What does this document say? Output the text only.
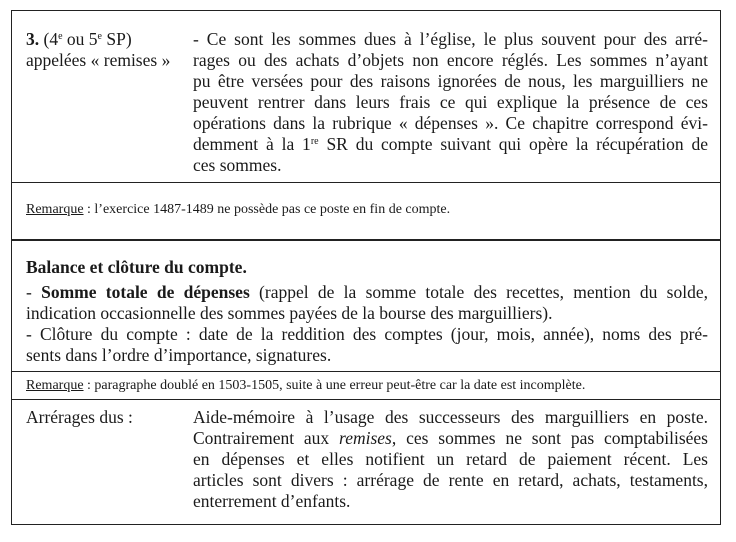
3. (4e ou 5e SP)
appelées « remises »
- Ce sont les sommes dues à l’église, le plus souvent pour des arré-
rages ou des achats d’objets non encore réglés. Les sommes n’ayant
pu être versées pour des raisons ignorées de nous, les marguilliers ne
peuvent rentrer dans leurs frais ce qui explique la présence de ces
opérations dans la rubrique « dépenses ». Ce chapitre correspond évi-
demment à la 1re SR du compte suivant qui opère la récupération de
ces sommes.
Remarque : l’exercice 1487-1489 ne possède pas ce poste en fin de compte.
Balance et clôture du compte.
- Somme totale de dépenses (rappel de la somme totale des recettes, mention du solde,
indication occasionnelle des sommes payées de la bourse des marguilliers).
- Clôture du compte : date de la reddition des comptes (jour, mois, année), noms des pré-
sents dans l’ordre d’importance, signatures.
Remarque : paragraphe doublé en 1503-1505, suite à une erreur peut-être car la date est incomplète.
Arrérages dus :	Aide-mémoire à l’usage des successeurs des marguilliers en poste.
Contrairement aux remises, ces sommes ne sont pas comptabilisées
en dépenses et elles notifient un retard de paiement récent. Les
articles sont divers : arrérage de rente en retard, achats, testaments,
enterrement d’enfants.
